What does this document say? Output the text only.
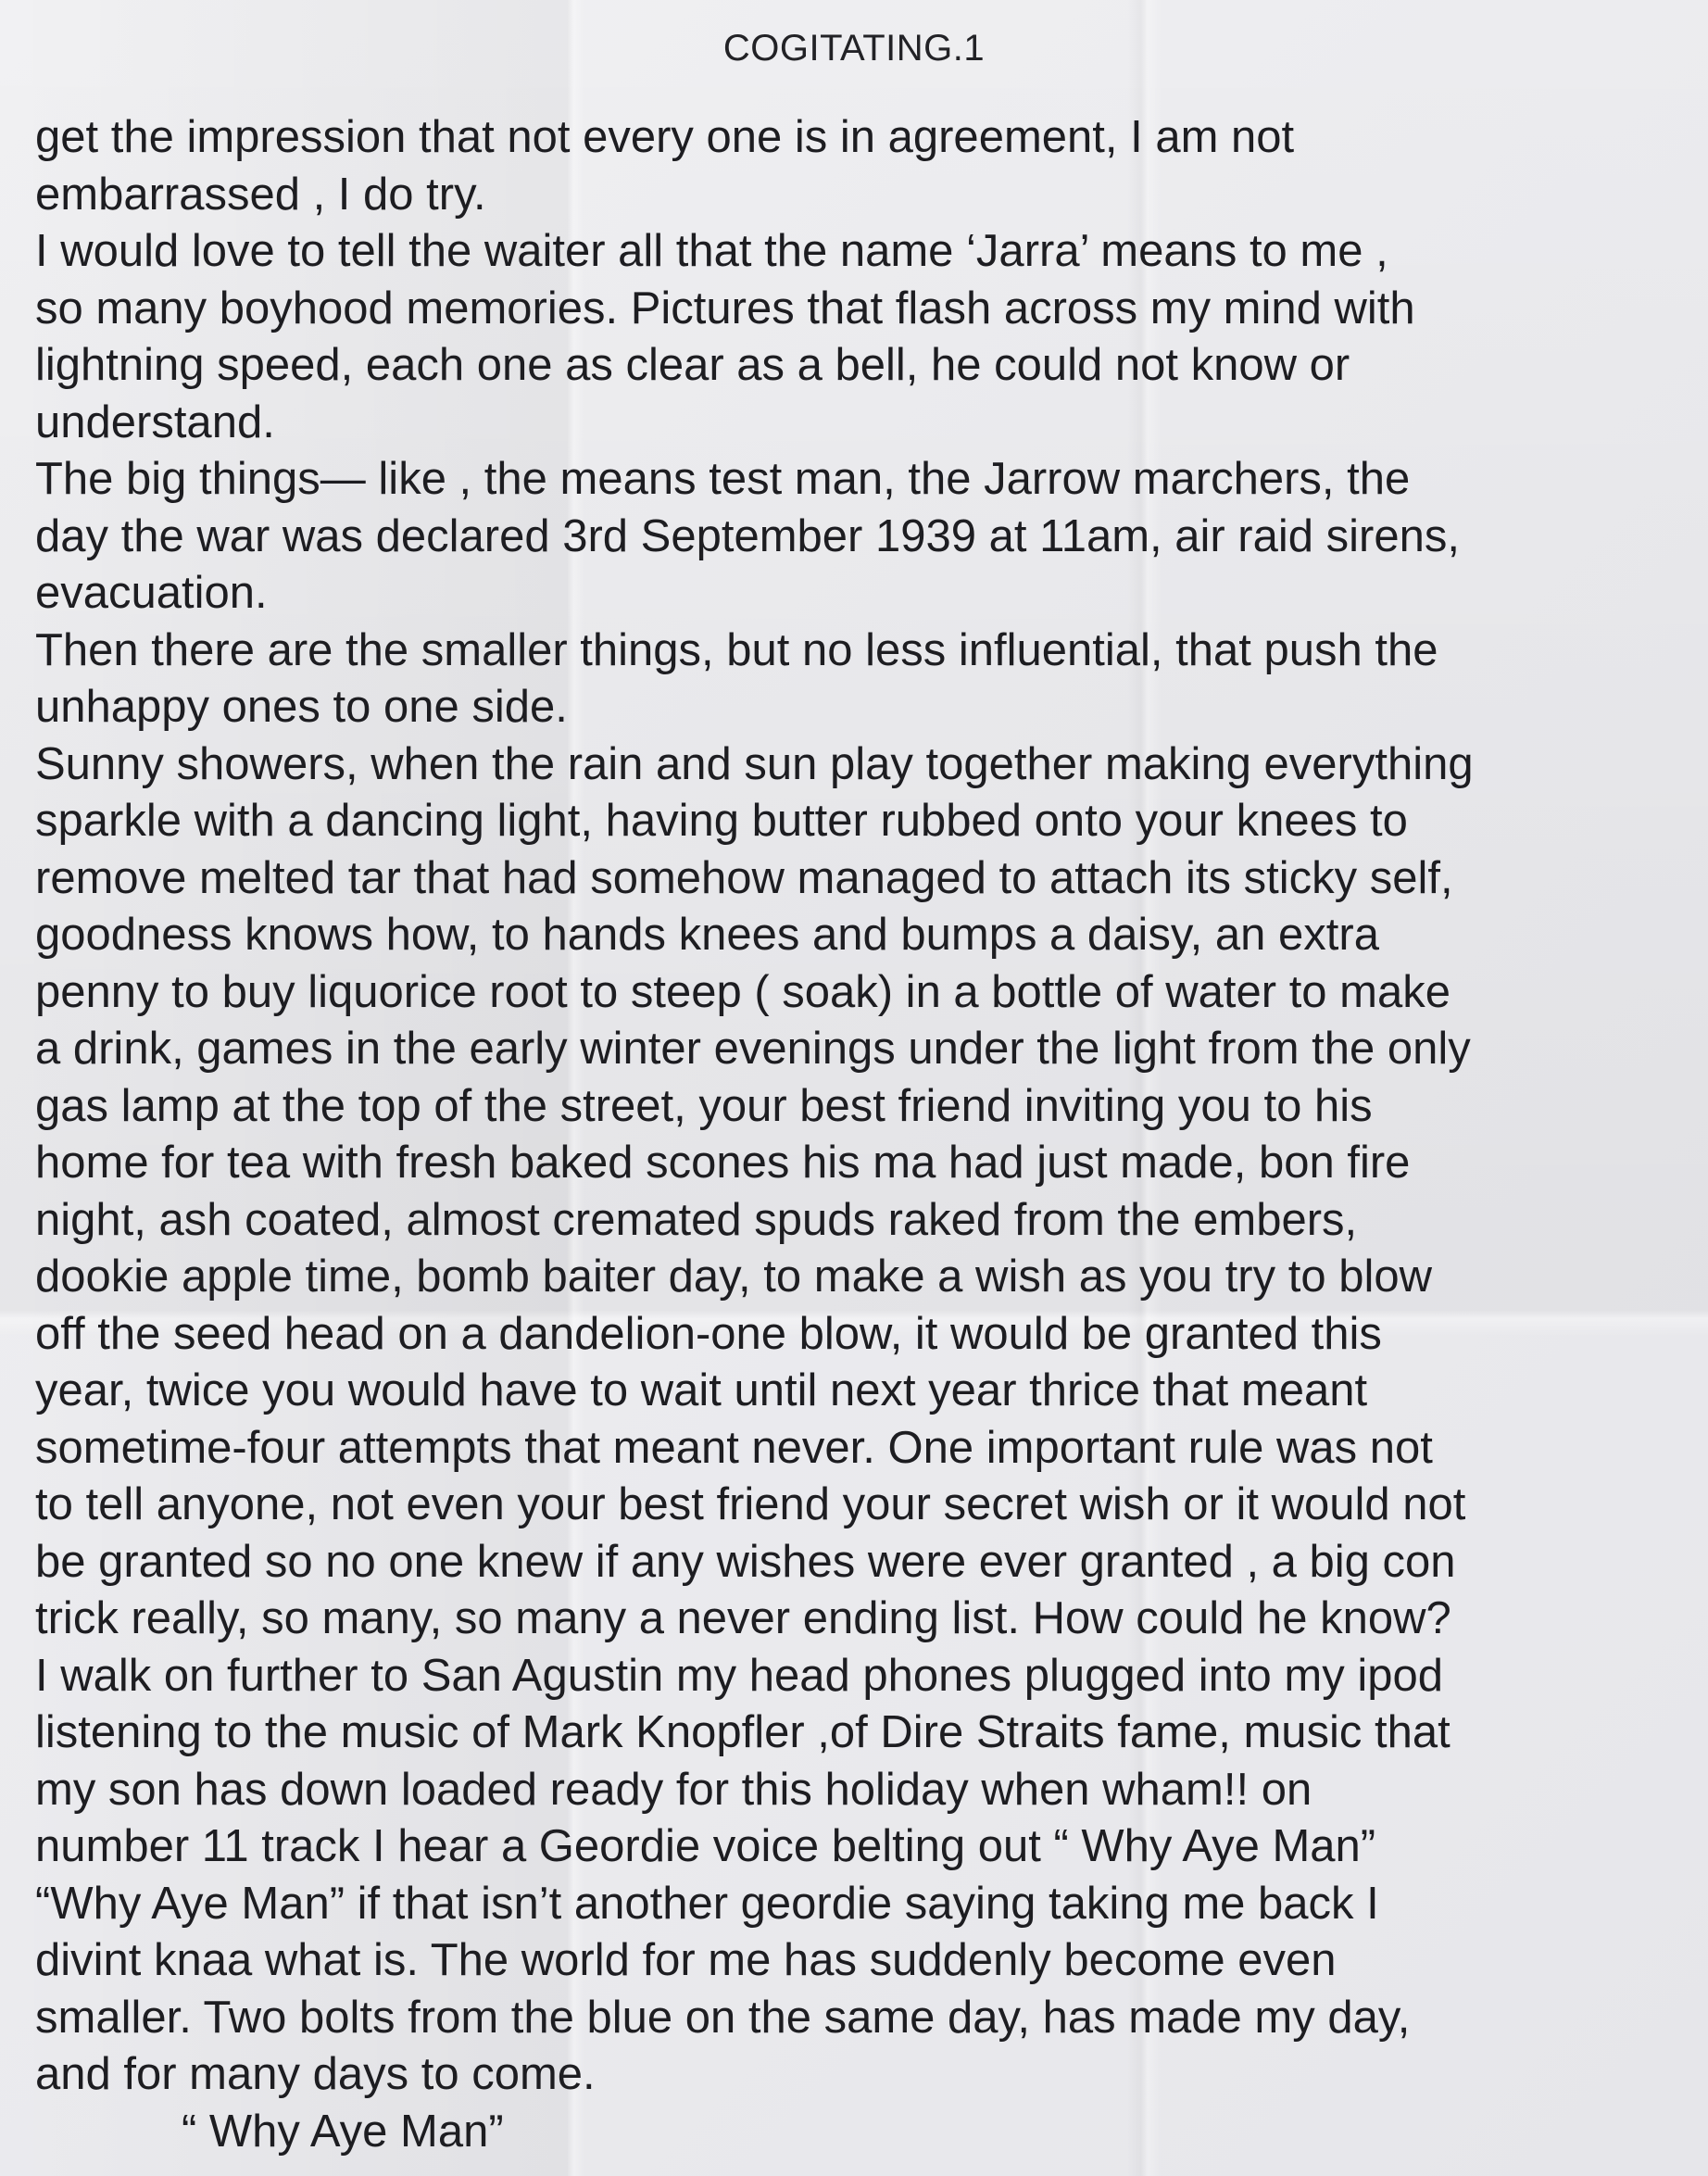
COGITATING.1
get the impression that not every one is in agreement, I am not
embarrassed , I do try.
I would love to tell the waiter all that the name ‘Jarra’ means to me ,
so many boyhood memories. Pictures that flash across my mind with
lightning speed, each one as clear as a bell, he could not know or
understand.
The big things— like , the means test man, the Jarrow marchers, the
day the war was declared 3rd September 1939 at 11am, air raid sirens,
evacuation.
Then there are the smaller things, but no less influential, that push the
unhappy ones to one side.
Sunny showers, when the rain and sun play together making everything
sparkle with a dancing light, having butter rubbed onto your knees to
remove melted tar that had somehow managed to attach its sticky self,
goodness knows how, to hands knees and bumps a daisy, an extra
penny to buy liquorice root to steep ( soak) in a bottle of water to make
a drink, games in the early winter evenings under the light from the only
gas lamp at the top of the street, your best friend inviting you to his
home for tea with fresh baked scones his ma had just made, bon fire
night, ash coated, almost cremated spuds raked from the embers,
dookie apple time, bomb baiter day, to make a wish as you try to blow
off the seed head on a dandelion-one blow, it would be granted this
year, twice you would have to wait until next year thrice that meant
sometime-four attempts that meant never. One important rule was not
to tell anyone, not even your best friend your secret wish or it would not
be granted so no one knew if any wishes were ever granted , a big con
trick really, so many, so many a never ending list. How could he know?
I walk on further to San Agustin my head phones plugged into my ipod
listening to the music of Mark Knopfler ,of Dire Straits fame, music that
my son has down loaded ready for this holiday when wham!! on
number 11 track I hear a Geordie voice belting out “ Why Aye Man”
“Why Aye Man” if that isn’t another geordie saying taking me back I
divint knaa what is. The world for me has suddenly become even
smaller. Two bolts from the blue on the same day, has made my day,
and for many days to come.
“ Why Aye Man”
